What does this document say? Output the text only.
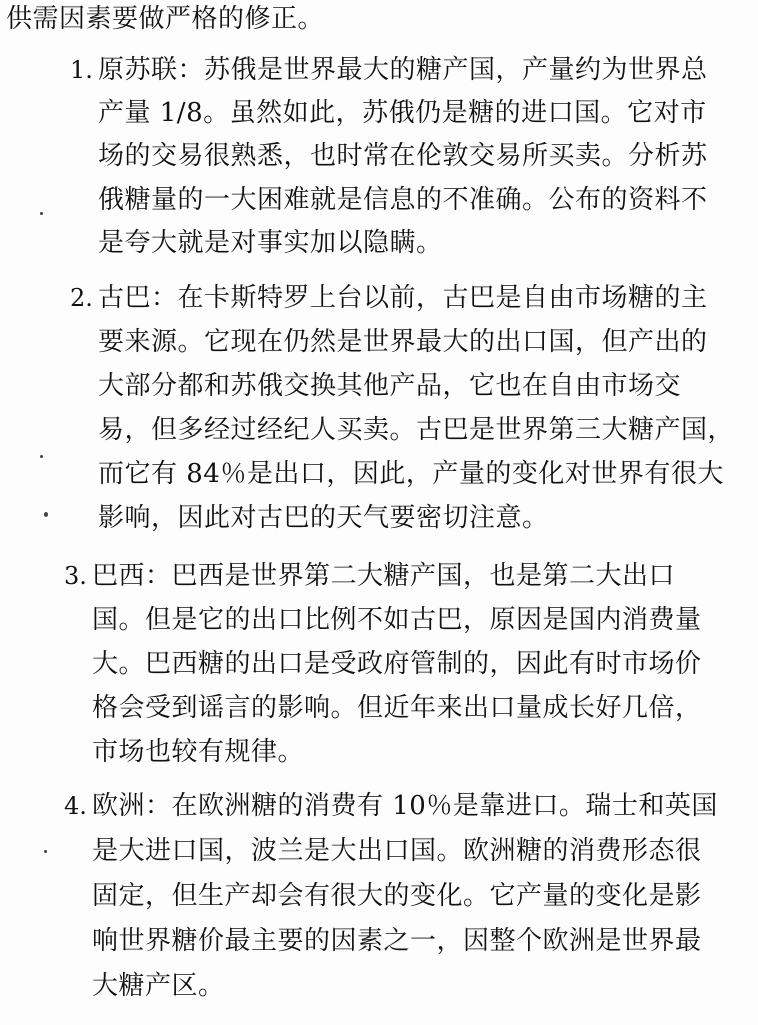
供需因素要做严格的修正。
1. 原苏联：苏俄是世界最大的糖产国，产量约为世界总
产量 1/8。虽然如此，苏俄仍是糖的进口国。它对市
场的交易很熟悉，也时常在伦敦交易所买卖。分析苏
俄糖量的一大困难就是信息的不准确。公布的资料不
是夸大就是对事实加以隐瞒。
2. 古巴：在卡斯特罗上台以前，古巴是自由市场糖的主
要来源。它现在仍然是世界最大的出口国，但产出的
大部分都和苏俄交换其他产品，它也在自由市场交
易，但多经过经纪人买卖。古巴是世界第三大糖产国，
而它有 84％是出口，因此，产量的变化对世界有很大
影响，因此对古巴的天气要密切注意。
3. 巴西：巴西是世界第二大糖产国，也是第二大出口
国。但是它的出口比例不如古巴，原因是国内消费量
大。巴西糖的出口是受政府管制的，因此有时市场价
格会受到谣言的影响。但近年来出口量成长好几倍，
市场也较有规律。
4. 欧洲：在欧洲糖的消费有 10％是靠进口。瑞士和英国
是大进口国，波兰是大出口国。欧洲糖的消费形态很
固定，但生产却会有很大的变化。它产量的变化是影
响世界糖价最主要的因素之一，因整个欧洲是世界最
大糖产区。
